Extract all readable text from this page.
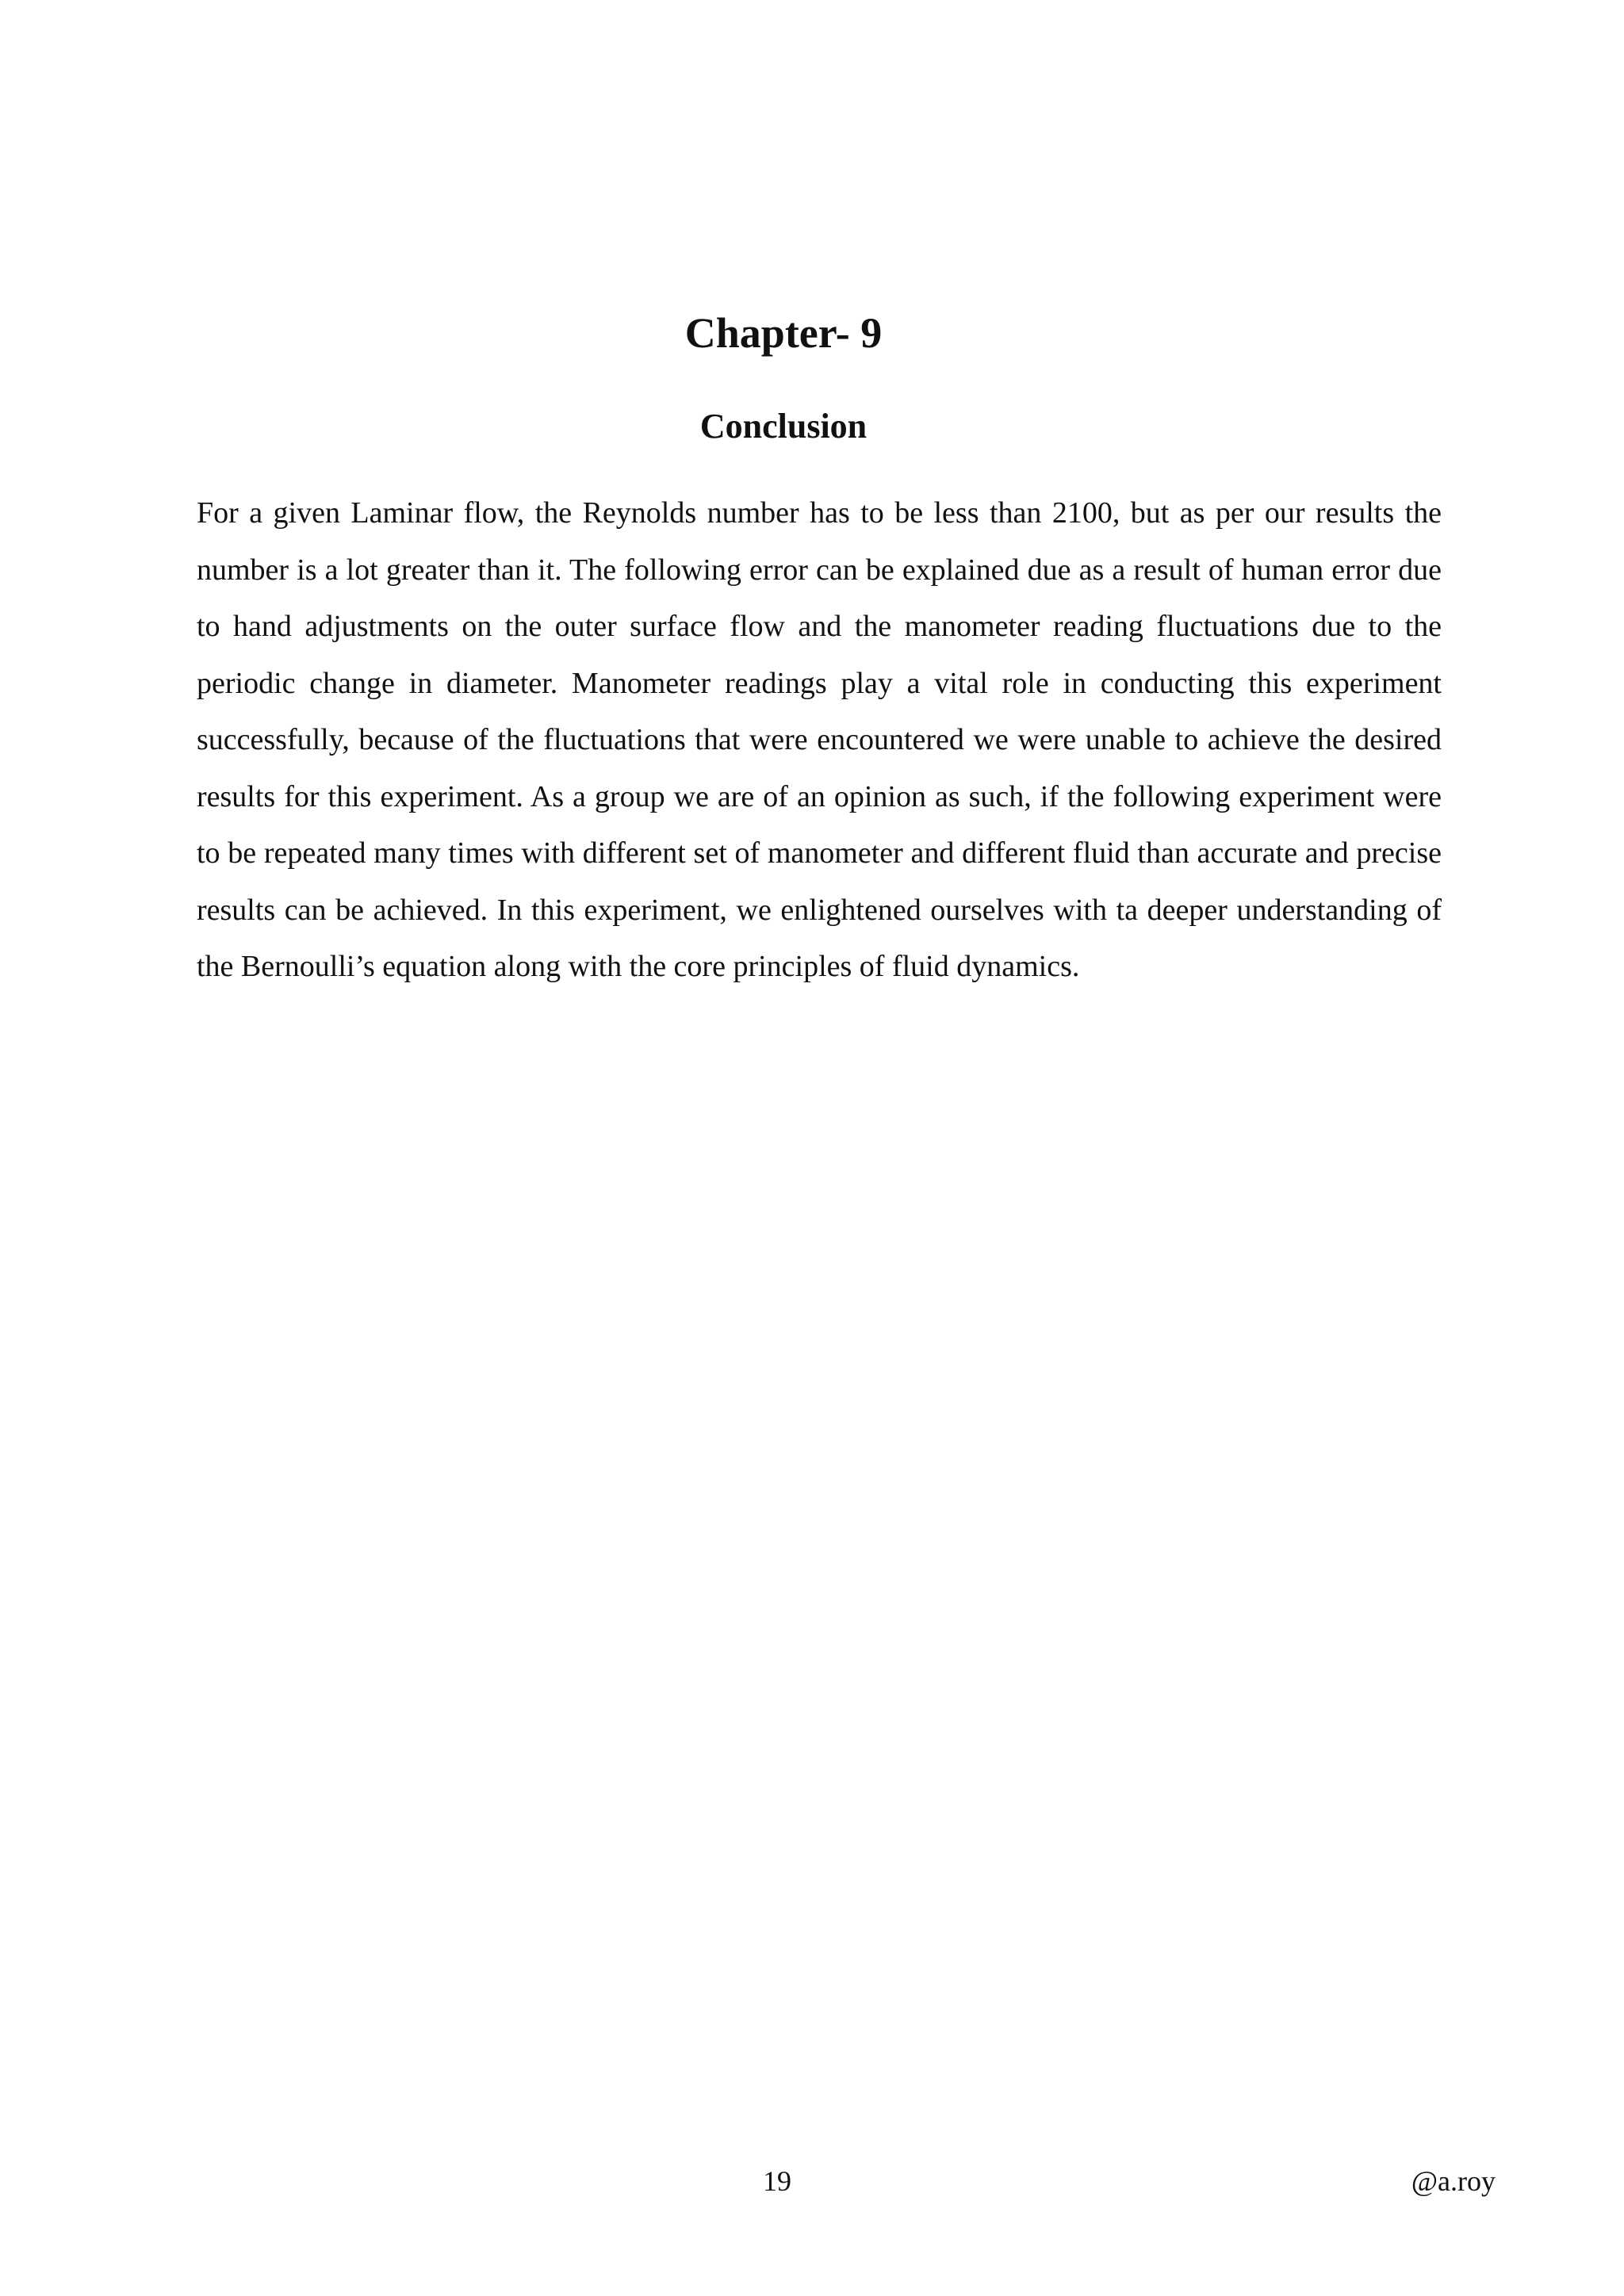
Chapter- 9
Conclusion

For a given Laminar flow, the Reynolds number has to be less than 2100, but as per our results the number is a lot greater than it. The following error can be explained due as a result of human error due to hand adjustments on the outer surface flow and the manometer reading fluctuations due to the periodic change in diameter. Manometer readings play a vital role in conducting this experiment successfully, because of the fluctuations that were encountered we were unable to achieve the desired results for this experiment. As a group we are of an opinion as such, if the following experiment were to be repeated many times with different set of manometer and different fluid than accurate and precise results can be achieved. In this experiment, we enlightened ourselves with ta deeper understanding of the Bernoulli’s equation along with the core principles of fluid dynamics.

19	@a.roy
